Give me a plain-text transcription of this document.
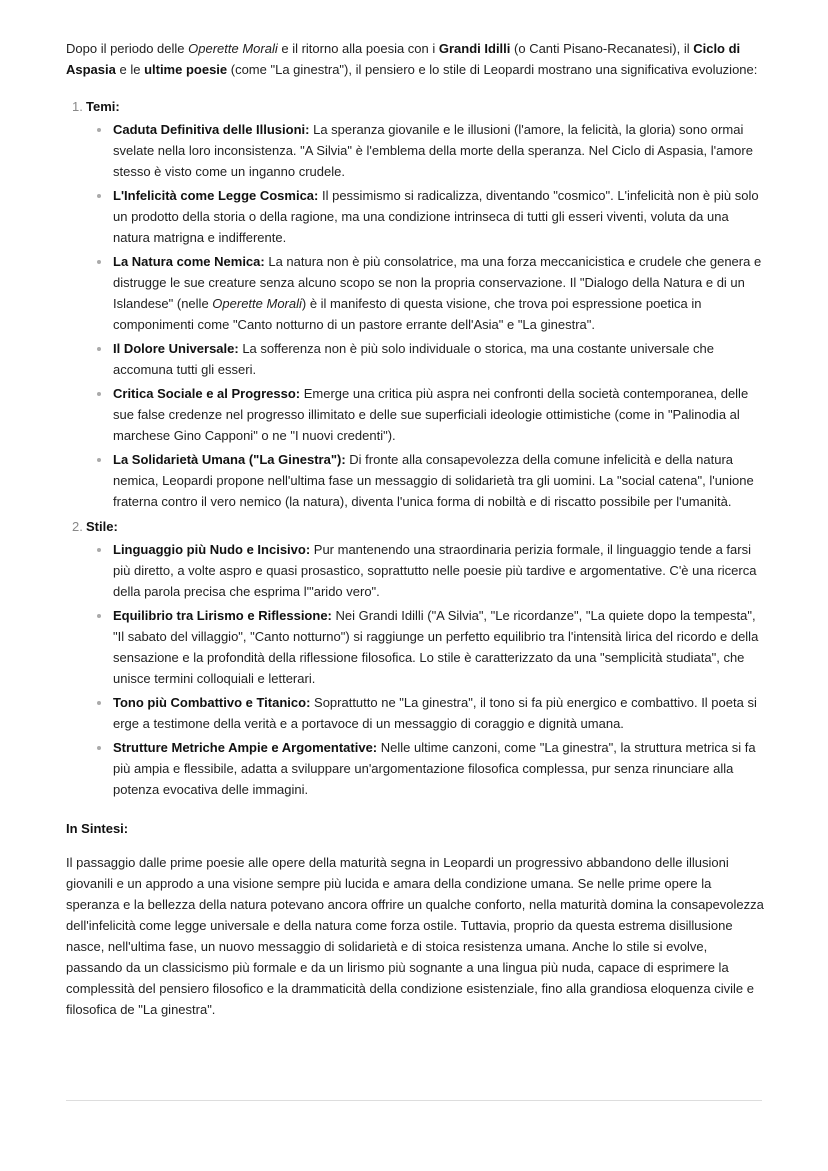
Dopo il periodo delle Operette Morali e il ritorno alla poesia con i Grandi Idilli (o Canti Pisano-Recanatesi), il Ciclo di Aspasia e le ultime poesie (come "La ginestra"), il pensiero e lo stile di Leopardi mostrano una significativa evoluzione:

1. Temi:
Caduta Definitiva delle Illusioni: La speranza giovanile e le illusioni (l'amore, la felicità, la gloria) sono ormai svelate nella loro inconsistenza. "A Silvia" è l'emblema della morte della speranza. Nel Ciclo di Aspasia, l'amore stesso è visto come un inganno crudele.
L'Infelicità come Legge Cosmica: Il pessimismo si radicalizza, diventando "cosmico". L'infelicità non è più solo un prodotto della storia o della ragione, ma una condizione intrinseca di tutti gli esseri viventi, voluta da una natura matrigna e indifferente.
La Natura come Nemica: La natura non è più consolatrice, ma una forza meccanicistica e crudele che genera e distrugge le sue creature senza alcuno scopo se non la propria conservazione. Il "Dialogo della Natura e di un Islandese" (nelle Operette Morali) è il manifesto di questa visione, che trova poi espressione poetica in componimenti come "Canto notturno di un pastore errante dell'Asia" e "La ginestra".
Il Dolore Universale: La sofferenza non è più solo individuale o storica, ma una costante universale che accomuna tutti gli esseri.
Critica Sociale e al Progresso: Emerge una critica più aspra nei confronti della società contemporanea, delle sue false credenze nel progresso illimitato e delle sue superficiali ideologie ottimistiche (come in "Palinodia al marchese Gino Capponi" o ne "I nuovi credenti").
La Solidarietà Umana ("La Ginestra"): Di fronte alla consapevolezza della comune infelicità e della natura nemica, Leopardi propone nell'ultima fase un messaggio di solidarietà tra gli uomini. La "social catena", l'unione fraterna contro il vero nemico (la natura), diventa l'unica forma di nobiltà e di riscatto possibile per l'umanità.
2. Stile:
Linguaggio più Nudo e Incisivo: Pur mantenendo una straordinaria perizia formale, il linguaggio tende a farsi più diretto, a volte aspro e quasi prosastico, soprattutto nelle poesie più tardive e argomentative. C'è una ricerca della parola precisa che esprima l'"arido vero".
Equilibrio tra Lirismo e Riflessione: Nei Grandi Idilli ("A Silvia", "Le ricordanze", "La quiete dopo la tempesta", "Il sabato del villaggio", "Canto notturno") si raggiunge un perfetto equilibrio tra l'intensità lirica del ricordo e della sensazione e la profondità della riflessione filosofica. Lo stile è caratterizzato da una "semplicità studiata", che unisce termini colloquiali e letterari.
Tono più Combattivo e Titanico: Soprattutto ne "La ginestra", il tono si fa più energico e combattivo. Il poeta si erge a testimone della verità e a portavoce di un messaggio di coraggio e dignità umana.
Strutture Metriche Ampie e Argomentative: Nelle ultime canzoni, come "La ginestra", la struttura metrica si fa più ampia e flessibile, adatta a sviluppare un'argomentazione filosofica complessa, pur senza rinunciare alla potenza evocativa delle immagini.

In Sintesi:

Il passaggio dalle prime poesie alle opere della maturità segna in Leopardi un progressivo abbandono delle illusioni giovanili e un approdo a una visione sempre più lucida e amara della condizione umana. Se nelle prime opere la speranza e la bellezza della natura potevano ancora offrire un qualche conforto, nella maturità domina la consapevolezza dell'infelicità come legge universale e della natura come forza ostile. Tuttavia, proprio da questa estrema disillusione nasce, nell'ultima fase, un nuovo messaggio di solidarietà e di stoica resistenza umana. Anche lo stile si evolve, passando da un classicismo più formale e da un lirismo più sognante a una lingua più nuda, capace di esprimere la complessità del pensiero filosofico e la drammaticità della condizione esistenziale, fino alla grandiosa eloquenza civile e filosofica de "La ginestra".
